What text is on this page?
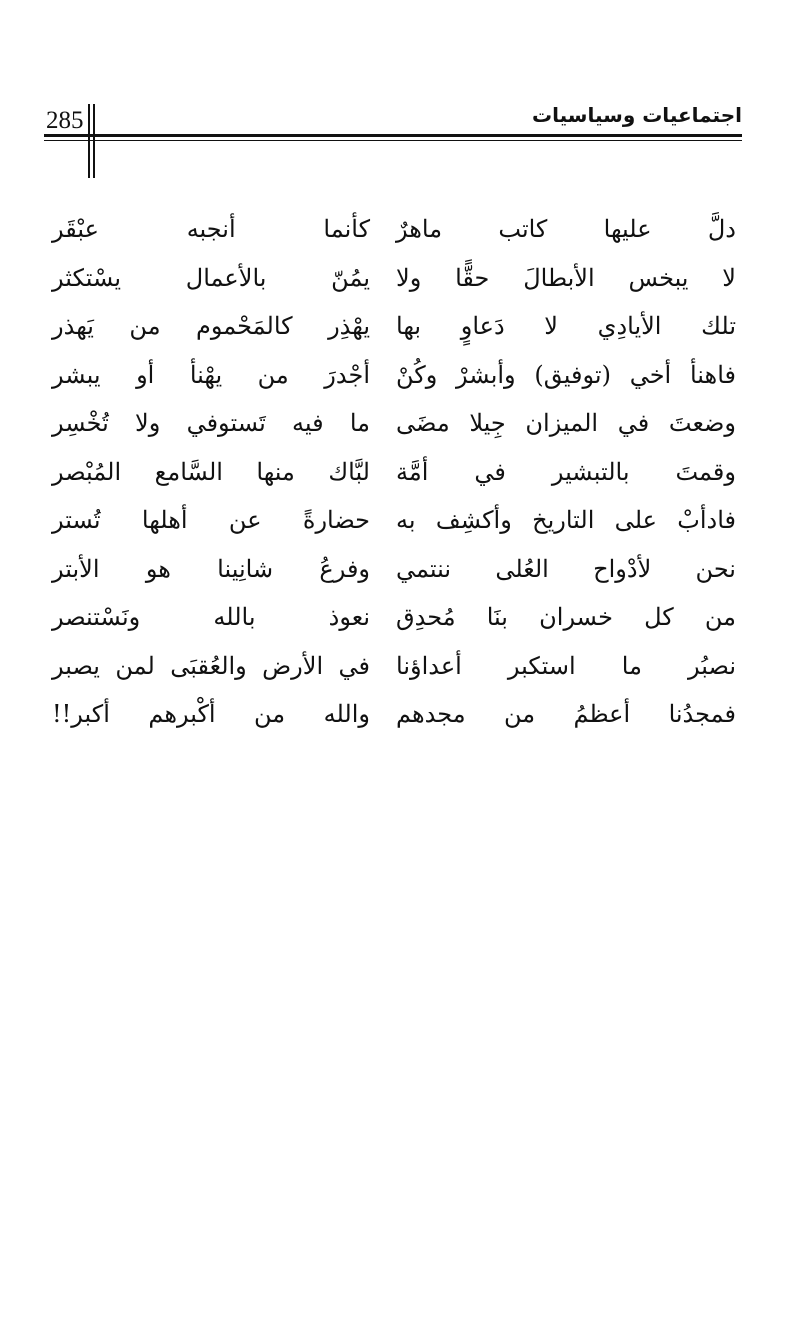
285	اجتماعيات وسياسيات
دلَّ عليها كاتب ماهرٌ
لا يبخس الأبطالَ حقًّا ولا
تلك الأيادِي لا دَعاوٍ بها
فاهنأ أخي (توفيق) وأبشرْ وكُنْ
وضعتَ في الميزان جِيلا مضَى
وقمتَ بالتبشير في أمَّة
فادأبْ على التاريخ وأكشِف به
نحن لأدْواح العُلى ننتمي
من كل خسران بنَا مُحدِق
نصبُر ما استكبر أعداؤنا
فمجدُنا أعظمُ من مجدهم
كأنما أنجبه عبْقَر
يمُنّ بالأعمال يسْتكثر
يهْذِر كالمَحْموم من يَهذر
أجْدرَ من يهْنأ أو يبشر
ما فيه تَستوفي ولا تُخْسِر
لبَّاك منها السَّامع المُبْصر
حضارةً عن أهلها تُستر
وفرعُ شانِينا هو الأبتر
نعوذ بالله ونَسْتنصر
في الأرض والعُقبَى لمن يصبر
والله من أكْبرهم أكبر!!
